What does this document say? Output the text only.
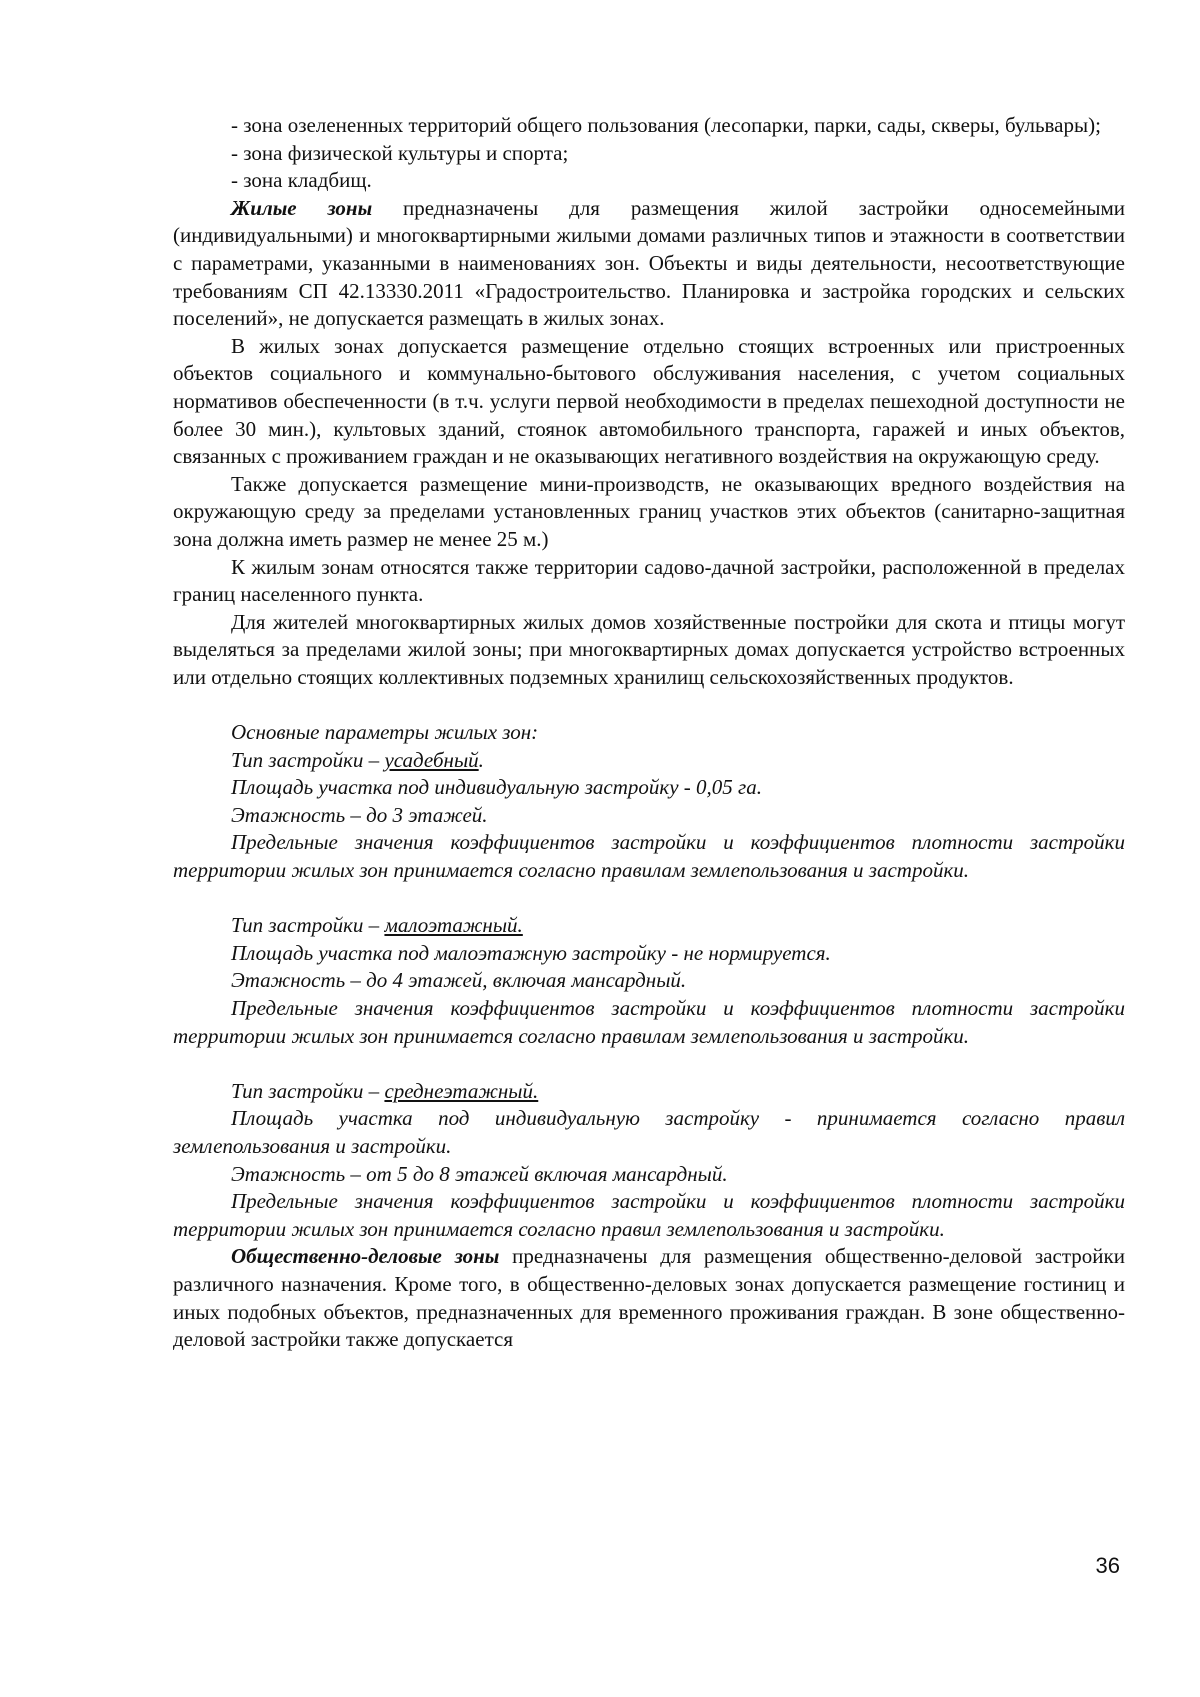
- зона озелененных территорий общего пользования (лесопарки, парки, сады, скверы, бульвары);

- зона физической культуры и спорта;

- зона кладбищ.

Жилые зоны предназначены для размещения жилой застройки односемейными (индивидуальными) и многоквартирными жилыми домами различных типов и этажности в соответствии с параметрами, указанными в наименованиях зон. Объекты и виды деятельности, несоответствующие требованиям СП 42.13330.2011 «Градостроительство. Планировка и застройка городских и сельских поселений», не допускается размещать в жилых зонах.

В жилых зонах допускается размещение отдельно стоящих встроенных или пристроенных объектов социального и коммунально-бытового обслуживания населения, с учетом социальных нормативов обеспеченности (в т.ч. услуги первой необходимости в пределах пешеходной доступности не более 30 мин.), культовых зданий, стоянок автомобильного транспорта, гаражей и иных объектов, связанных с проживанием граждан и не оказывающих негативного воздействия на окружающую среду.

Также допускается размещение мини-производств, не оказывающих вредного воздействия на окружающую среду за пределами установленных границ участков этих объектов (санитарно-защитная зона должна иметь размер не менее 25 м.)

К жилым зонам относятся также территории садово-дачной застройки, расположенной в пределах границ населенного пункта.

Для жителей многоквартирных жилых домов хозяйственные постройки для скота и птицы могут выделяться за пределами жилой зоны; при многоквартирных домах допускается устройство встроенных или отдельно стоящих коллективных подземных хранилищ сельскохозяйственных продуктов.

Основные параметры жилых зон:

Тип застройки – усадебный.

Площадь участка под индивидуальную застройку - 0,05 га.

Этажность – до 3 этажей.

Предельные значения коэффициентов застройки и коэффициентов плотности застройки территории жилых зон принимается согласно правилам землепользования и застройки.

Тип застройки – малоэтажный.

Площадь участка под малоэтажную застройку - не нормируется.

Этажность – до 4 этажей, включая мансардный.

Предельные значения коэффициентов застройки и коэффициентов плотности застройки территории жилых зон принимается согласно правилам землепользования и застройки.

Тип застройки – среднеэтажный.

Площадь участка под индивидуальную застройку - принимается согласно правил землепользования и застройки.

Этажность – от 5 до 8 этажей включая мансардный.

Предельные значения коэффициентов застройки и коэффициентов плотности застройки территории жилых зон принимается согласно правил землепользования и застройки.

Общественно-деловые зоны предназначены для размещения общественно-деловой застройки различного назначения. Кроме того, в общественно-деловых зонах допускается размещение гостиниц и иных подобных объектов, предназначенных для временного проживания граждан. В зоне общественно-деловой застройки также допускается

36
